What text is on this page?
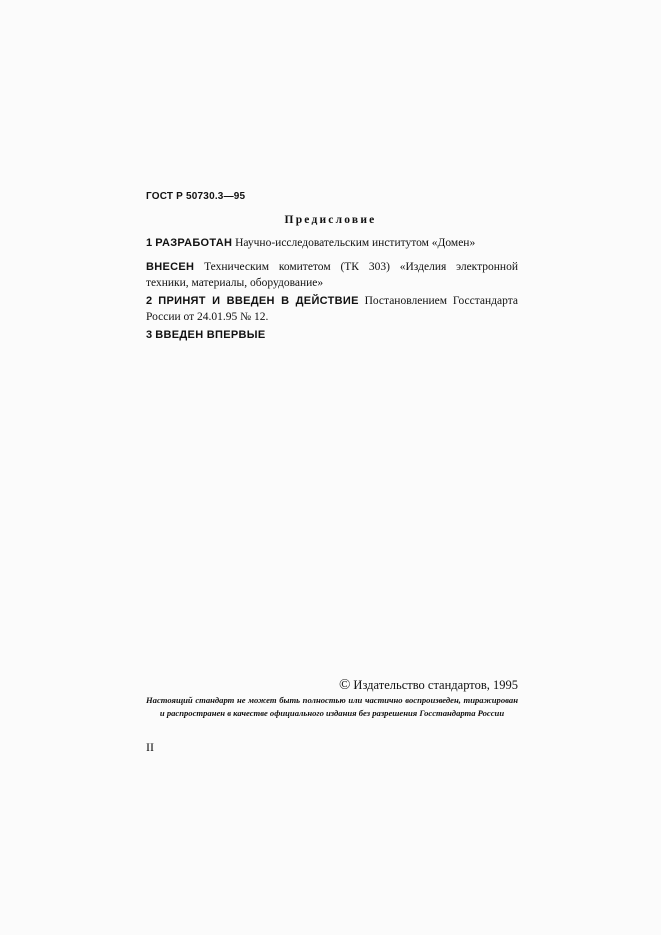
ГОСТ Р 50730.3—95
Предисловие
1 РАЗРАБОТАН Научно-исследовательским институтом «Домен»
ВНЕСЕН Техническим комитетом (ТК 303) «Изделия электронной техники, материалы, оборудование»
2 ПРИНЯТ И ВВЕДЕН В ДЕЙСТВИЕ Постановлением Госстандарта России от 24.01.95 № 12.
3 ВВЕДЕН ВПЕРВЫЕ
© Издательство стандартов, 1995
Настоящий стандарт не может быть полностью или частично воспроизведен, тиражирован и распространен в качестве официального издания без разрешения Госстандарта России
II
